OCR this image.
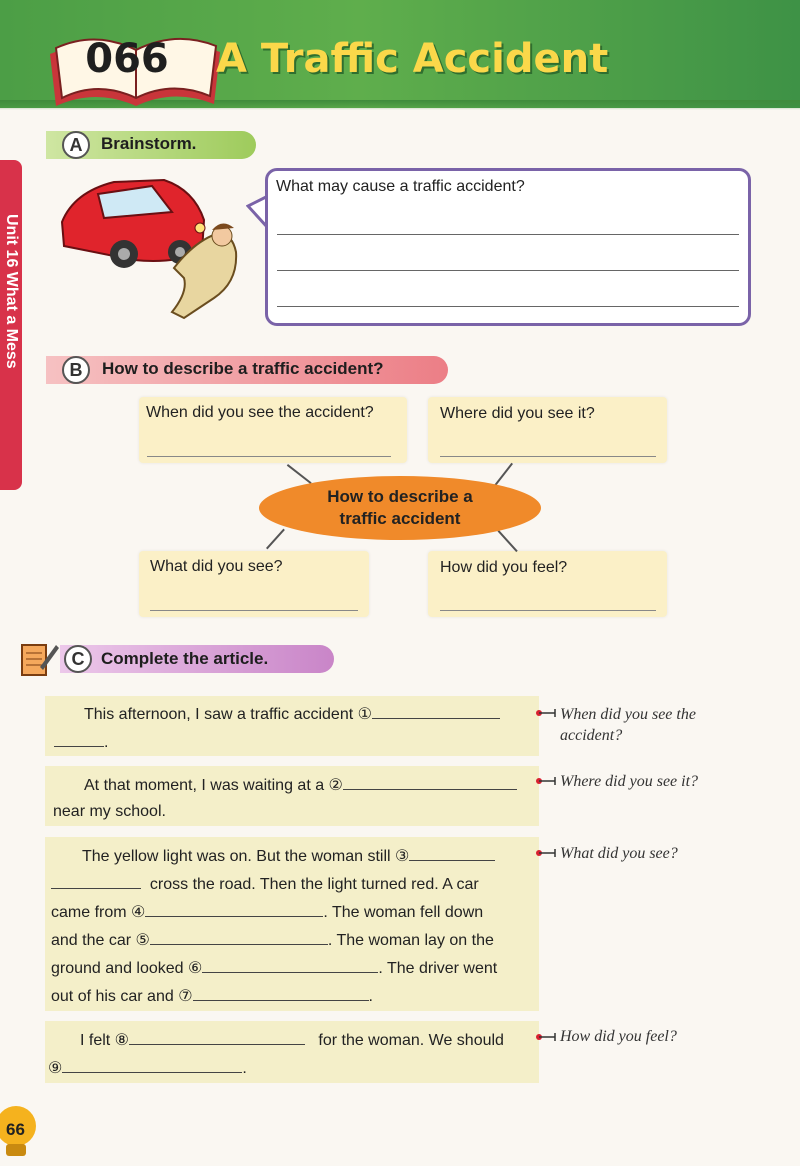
066 A Traffic Accident
Unit 16 What a Mess
A	Brainstorm.
What may cause a traffic accident?
B	How to describe a traffic accident?
When did you see the accident?	Where did you see it?
What did you see?	How did you feel?
How to describe a
traffic accident
C Complete the article.
This afternoon, I saw a traffic accident ①
.
When did you see the
accident?
At that moment, I was waiting at a ②
near my school.
Where did you see it?
The yellow light was on. But the woman still ③
cross the road. Then the light turned red. A car
came from ④	. The woman fell down
and the car ⑤	. The woman lay on the
ground and looked ⑥	. The driver went
out of his car and ⑦	.
What did you see?
I felt ⑧	for the woman. We should
⑨	.
How did you feel?
66
